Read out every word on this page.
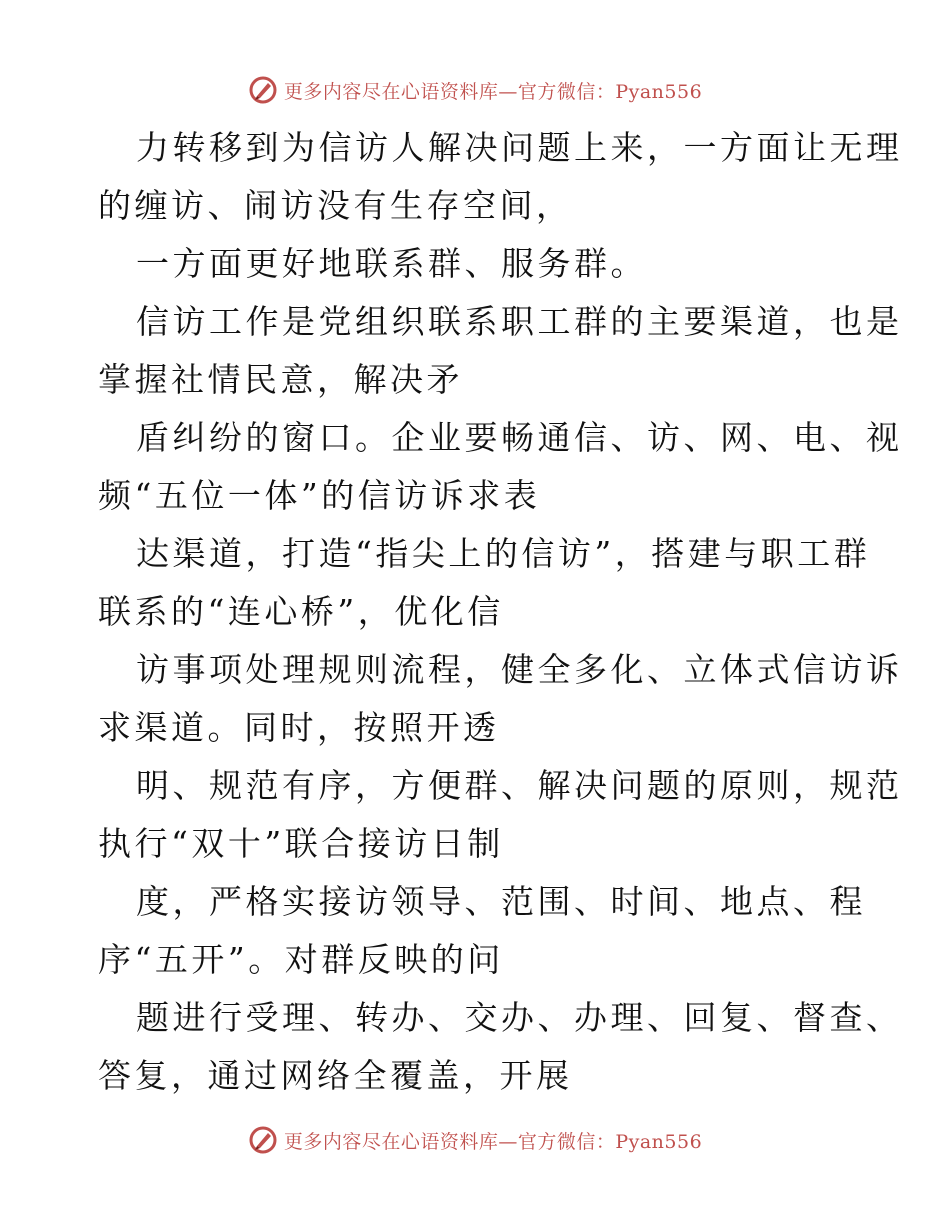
更多内容尽在心语资料库—官方微信：Pyan556
力转移到为信访人解决问题上来，一方面让无理
的缠访、闹访没有生存空间，
一方面更好地联系群、服务群。
信访工作是党组织联系职工群的主要渠道，也是
掌握社情民意，解决矛
盾纠纷的窗口。企业要畅通信、访、网、电、视
频“五位一体”的信访诉求表
达渠道，打造“指尖上的信访”，搭建与职工群
联系的“连心桥”，优化信
访事项处理规则流程，健全多化、立体式信访诉
求渠道。同时，按照开透
明、规范有序，方便群、解决问题的原则，规范
执行“双十”联合接访日制
度，严格实接访领导、范围、时间、地点、程
序“五开”。对群反映的问
题进行受理、转办、交办、办理、回复、督查、
答复，通过网络全覆盖，开展
更多内容尽在心语资料库—官方微信：Pyan556
